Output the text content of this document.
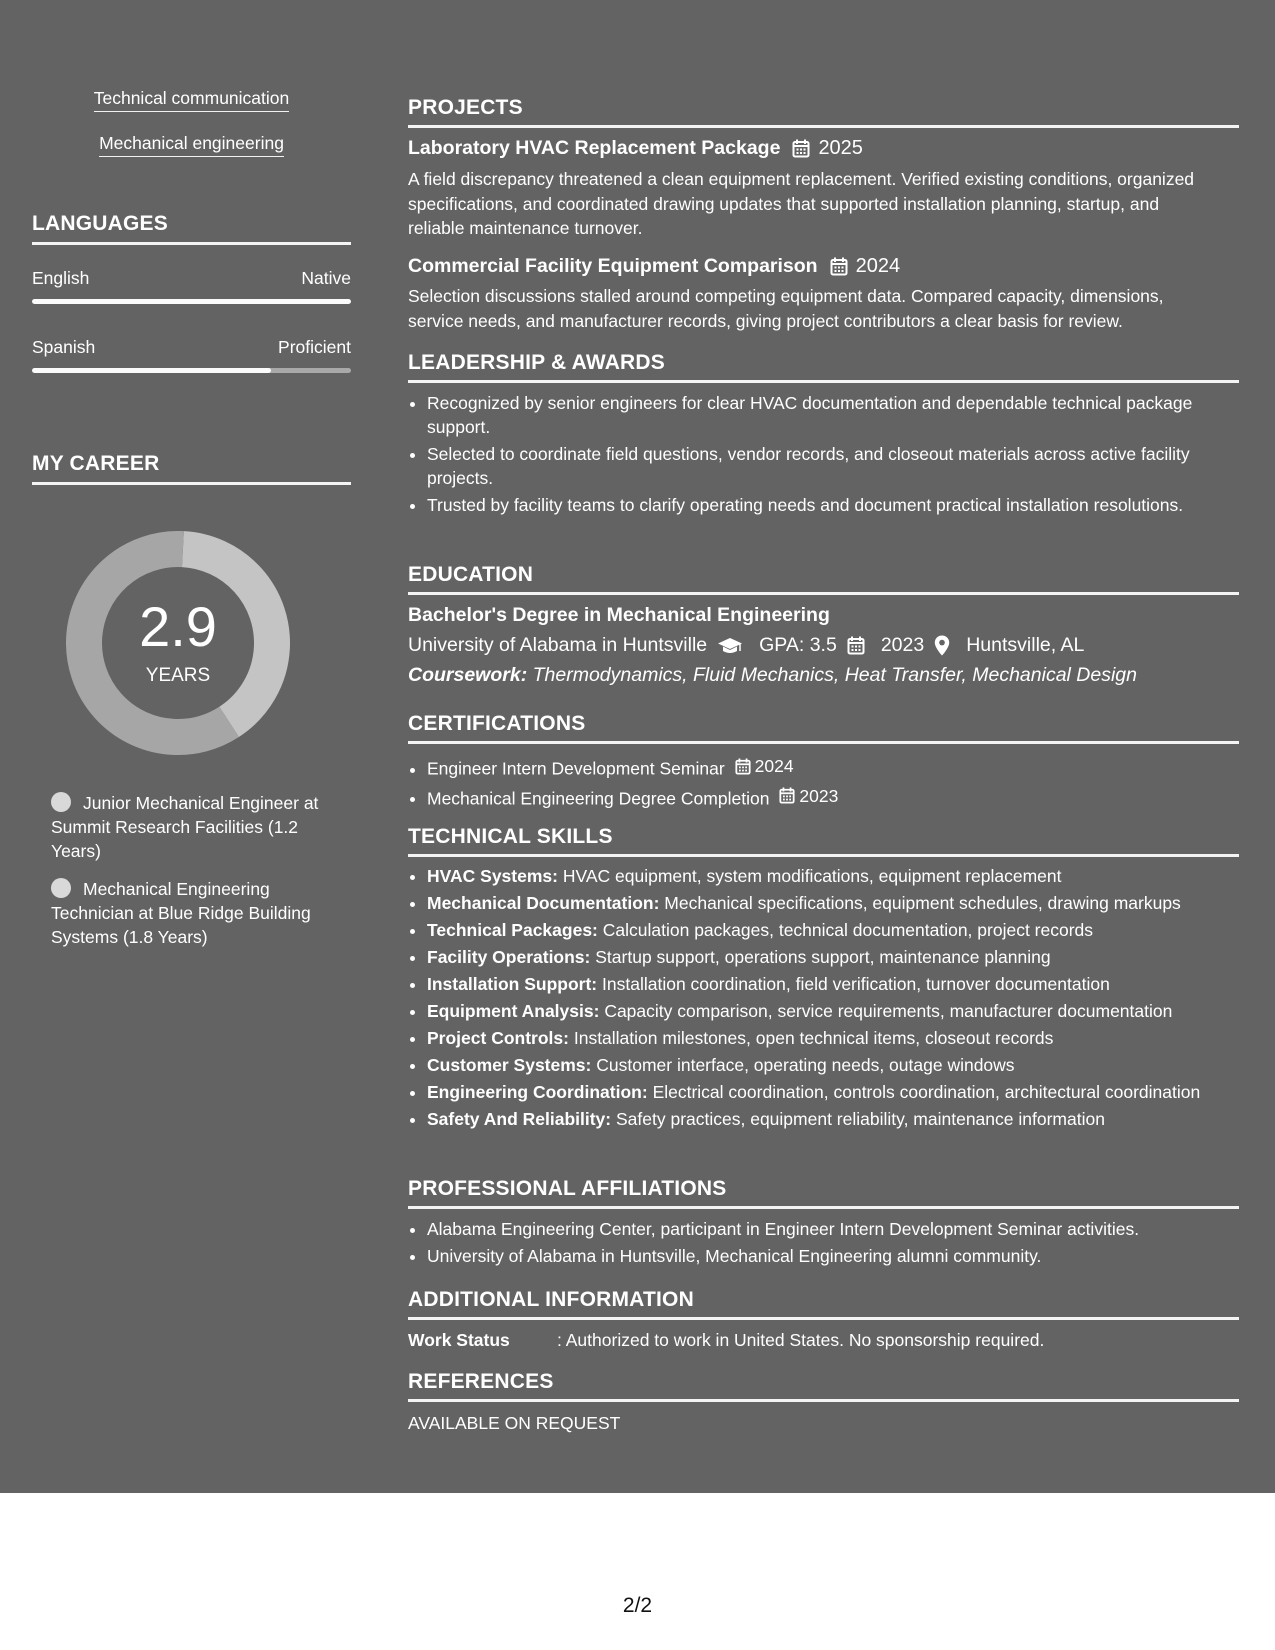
Technical communication
Mechanical engineering
LANGUAGES
English	Native
Spanish	Proficient
MY CAREER
2.9
YEARS
Junior Mechanical Engineer at Summit Research Facilities (1.2 Years)
Mechanical Engineering Technician at Blue Ridge Building Systems (1.8 Years)
PROJECTS
Laboratory HVAC Replacement Package 2025
A field discrepancy threatened a clean equipment replacement. Verified existing conditions, organized specifications, and coordinated drawing updates that supported installation planning, startup, and reliable maintenance turnover.
Commercial Facility Equipment Comparison 2024
Selection discussions stalled around competing equipment data. Compared capacity, dimensions, service needs, and manufacturer records, giving project contributors a clear basis for review.
LEADERSHIP & AWARDS
• Recognized by senior engineers for clear HVAC documentation and dependable technical package support.
• Selected to coordinate field questions, vendor records, and closeout materials across active facility projects.
• Trusted by facility teams to clarify operating needs and document practical installation resolutions.
EDUCATION
Bachelor's Degree in Mechanical Engineering
University of Alabama in Huntsville	GPA: 3.5 2023 Huntsville, AL
Coursework: Thermodynamics, Fluid Mechanics, Heat Transfer, Mechanical Design
CERTIFICATIONS
• Engineer Intern Development Seminar 2024
• Mechanical Engineering Degree Completion 2023
TECHNICAL SKILLS
• HVAC Systems: HVAC equipment, system modifications, equipment replacement
• Mechanical Documentation: Mechanical specifications, equipment schedules, drawing markups
• Technical Packages: Calculation packages, technical documentation, project records
• Facility Operations: Startup support, operations support, maintenance planning
• Installation Support: Installation coordination, field verification, turnover documentation
• Equipment Analysis: Capacity comparison, service requirements, manufacturer documentation
• Project Controls: Installation milestones, open technical items, closeout records
• Customer Systems: Customer interface, operating needs, outage windows
• Engineering Coordination: Electrical coordination, controls coordination, architectural coordination
• Safety And Reliability: Safety practices, equipment reliability, maintenance information
PROFESSIONAL AFFILIATIONS
• Alabama Engineering Center, participant in Engineer Intern Development Seminar activities.
• University of Alabama in Huntsville, Mechanical Engineering alumni community.
ADDITIONAL INFORMATION
Work Status	: Authorized to work in United States. No sponsorship required.
REFERENCES
AVAILABLE ON REQUEST
2/2
